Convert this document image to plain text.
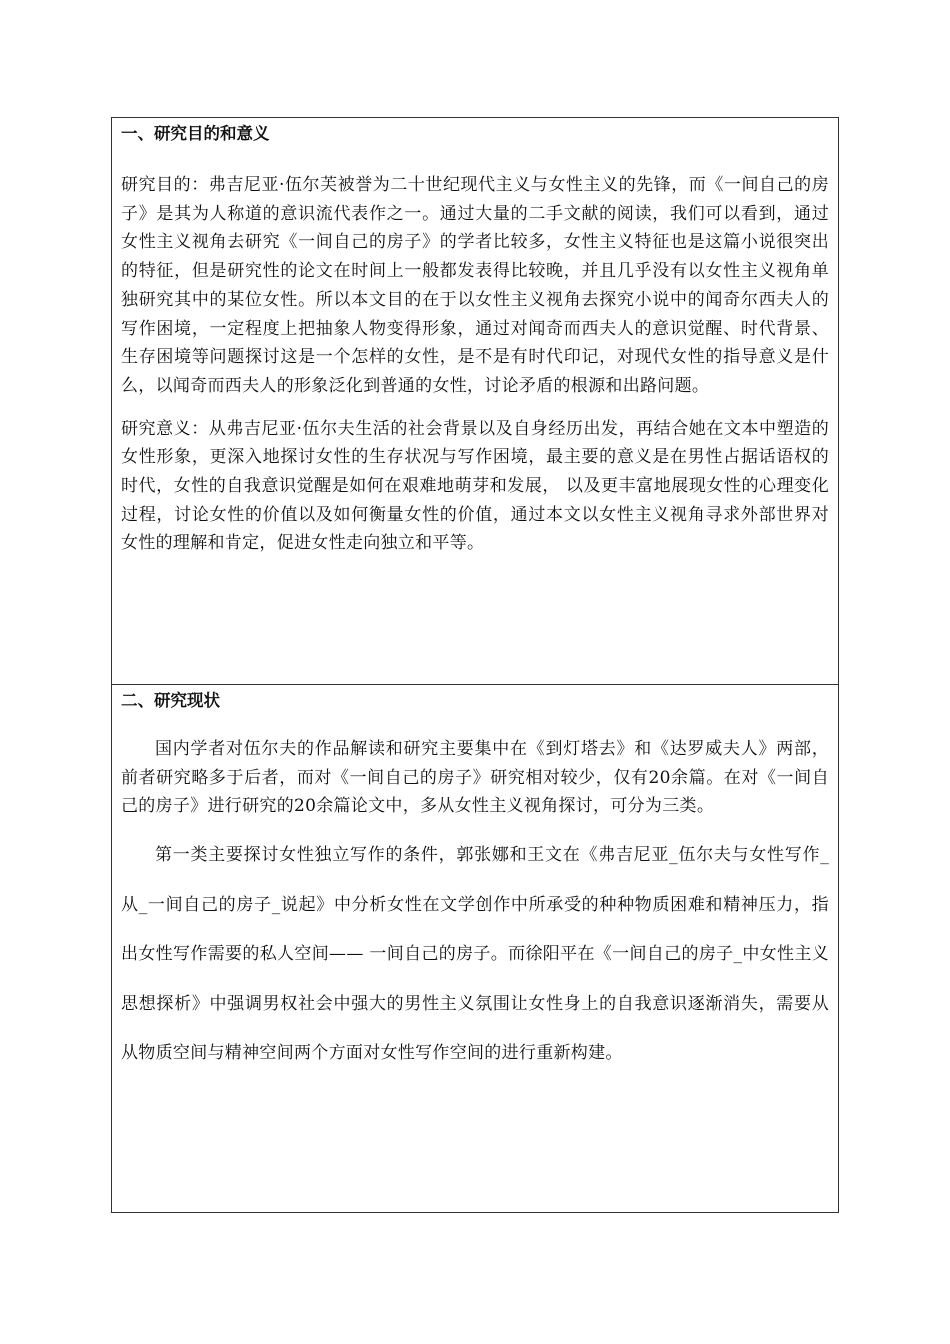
一、研究目的和意义

研究目的：弗吉尼亚·伍尔芙被誉为二十世纪现代主义与女性主义的先锋，而《一间自己的房子》是其为人称道的意识流代表作之一。通过大量的二手文献的阅读，我们可以看到，通过女性主义视角去研究《一间自己的房子》的学者比较多，女性主义特征也是这篇小说很突出的特征，但是研究性的论文在时间上一般都发表得比较晚，并且几乎没有以女性主义视角单独研究其中的某位女性。所以本文目的在于以女性主义视角去探究小说中的闻奇尔西夫人的写作困境，一定程度上把抽象人物变得形象，通过对闻奇而西夫人的意识觉醒、时代背景、生存困境等问题探讨这是一个怎样的女性，是不是有时代印记，对现代女性的指导意义是什么，以闻奇而西夫人的形象泛化到普通的女性，讨论矛盾的根源和出路问题。

研究意义：从弗吉尼亚·伍尔夫生活的社会背景以及自身经历出发，再结合她在文本中塑造的女性形象，更深入地探讨女性的生存状况与写作困境，最主要的意义是在男性占据话语权的时代，女性的自我意识觉醒是如何在艰难地萌芽和发展， 以及更丰富地展现女性的心理变化过程，讨论女性的价值以及如何衡量女性的价值，通过本文以女性主义视角寻求外部世界对女性的理解和肯定，促进女性走向独立和平等。

二、研究现状

国内学者对伍尔夫的作品解读和研究主要集中在《到灯塔去》和《达罗威夫人》两部，前者研究略多于后者，而对《一间自己的房子》研究相对较少，仅有20余篇。在对《一间自己的房子》进行研究的20余篇论文中，多从女性主义视角探讨，可分为三类。

第一类主要探讨女性独立写作的条件，郭张娜和王文在《弗吉尼亚_伍尔夫与女性写作_从_一间自己的房子_说起》中分析女性在文学创作中所承受的种种物质困难和精神压力，指出女性写作需要的私人空间—— 一间自己的房子。而徐阳平在《一间自己的房子_中女性主义思想探析》中强调男权社会中强大的男性主义氛围让女性身上的自我意识逐渐消失，需要从从物质空间与精神空间两个方面对女性写作空间的进行重新构建。
